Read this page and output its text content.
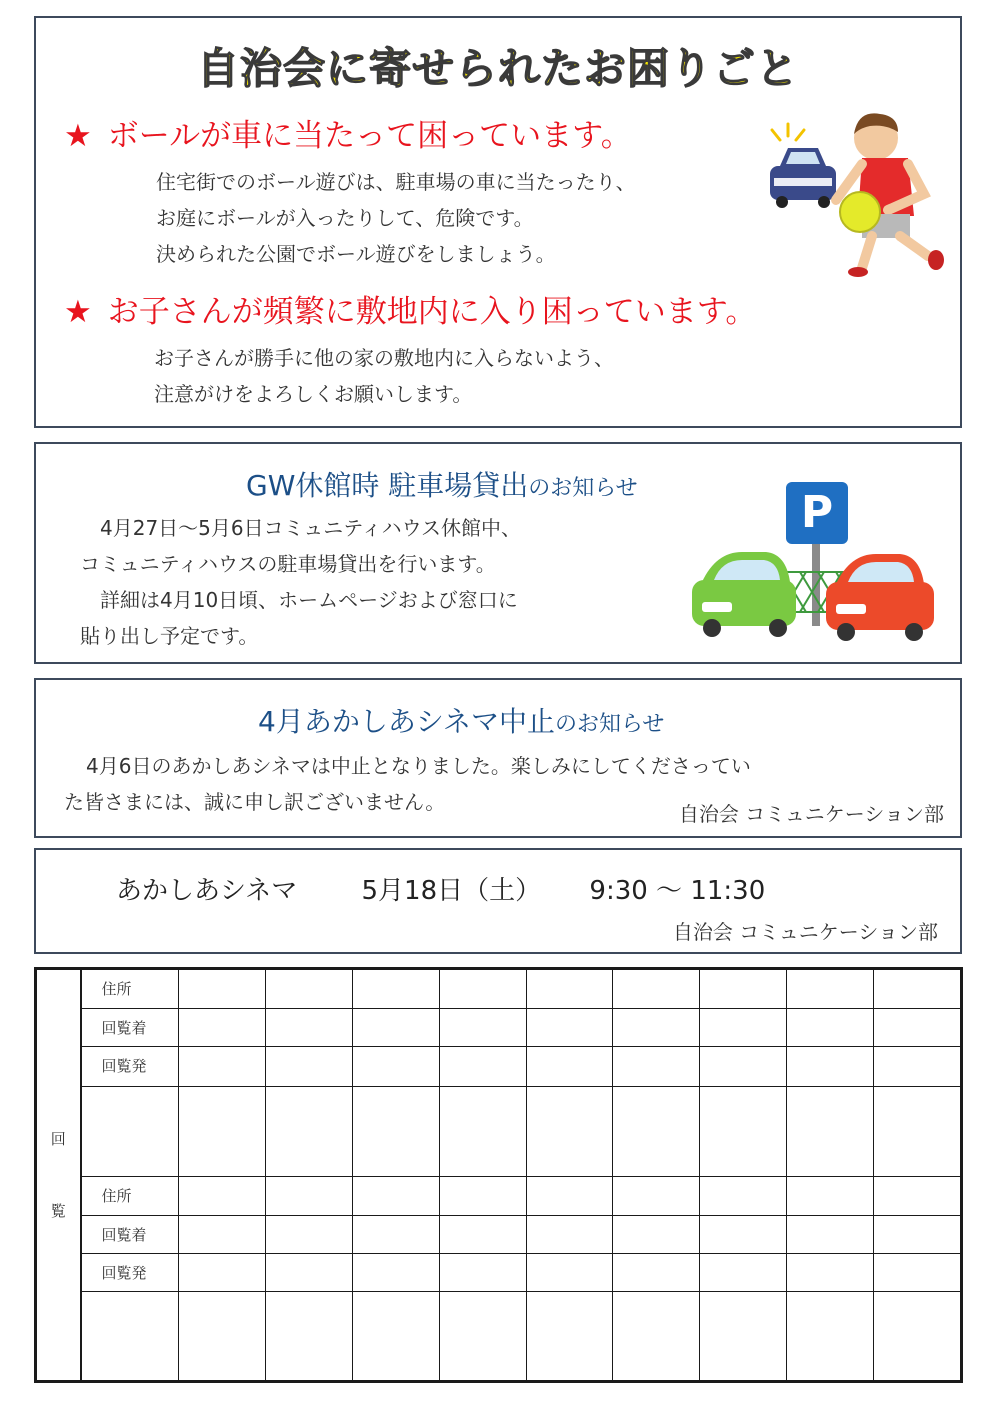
自治会に寄せられたお困りごと
★ ボールが車に当たって困っています。
住宅街でのボール遊びは、駐車場の車に当たったり、
お庭にボールが入ったりして、危険です。
決められた公園でボール遊びをしましょう。
★ お子さんが頻繁に敷地内に入り困っています。
お子さんが勝手に他の家の敷地内に入らないよう、
注意がけをよろしくお願いします。
GW休館時 駐車場貸出のお知らせ
4月27日～5月6日コミュニティハウス休館中、
コミュニティハウスの駐車場貸出を行います。
詳細は4月10日頃、ホームページおよび窓口に
貼り出し予定です。
P
4月あかしあシネマ中止のお知らせ
4月6日のあかしあシネマは中止となりました。楽しみにしてくださってい
た皆さまには、誠に申し訳ございません。	自治会 コミュニケーション部
あかしあシネマ 5月18日（土） 9:30 ～ 11:30
自治会 コミュニケーション部
回
覧	住所									
	回覧着									
	回覧発									

	住所									
	回覧着									
	回覧発									
